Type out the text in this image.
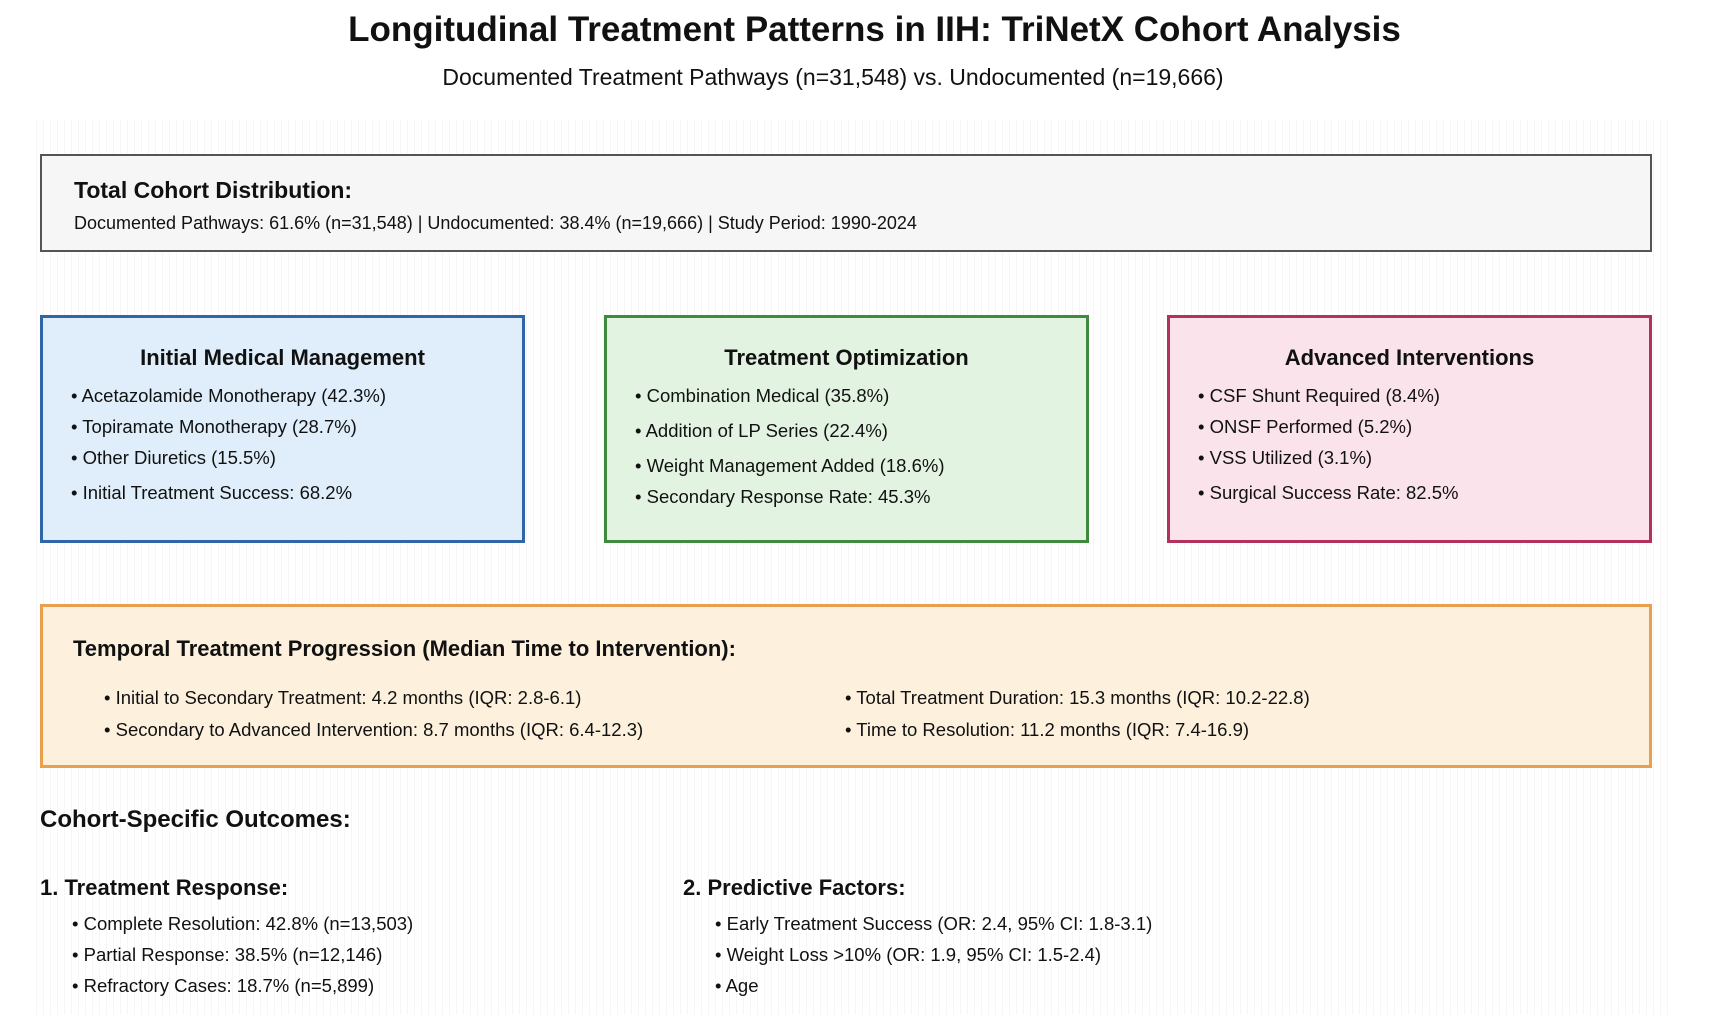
Longitudinal Treatment Patterns in IIH: TriNetX Cohort Analysis
Documented Treatment Pathways (n=31,548) vs. Undocumented (n=19,666)
Total Cohort Distribution:
Documented Pathways: 61.6% (n=31,548) | Undocumented: 38.4% (n=19,666) | Study Period: 1990-2024
Initial Medical Management
• Acetazolamide Monotherapy (42.3%)
• Topiramate Monotherapy (28.7%)
• Other Diuretics (15.5%)
• Initial Treatment Success: 68.2%
Treatment Optimization
• Combination Medical (35.8%)
• Addition of LP Series (22.4%)
• Weight Management Added (18.6%)
• Secondary Response Rate: 45.3%
Advanced Interventions
• CSF Shunt Required (8.4%)
• ONSF Performed (5.2%)
• VSS Utilized (3.1%)
• Surgical Success Rate: 82.5%
Temporal Treatment Progression (Median Time to Intervention):
• Initial to Secondary Treatment: 4.2 months (IQR: 2.8-6.1)
• Secondary to Advanced Intervention: 8.7 months (IQR: 6.4-12.3)
• Total Treatment Duration: 15.3 months (IQR: 10.2-22.8)
• Time to Resolution: 11.2 months (IQR: 7.4-16.9)
Cohort-Specific Outcomes:
1. Treatment Response:
• Complete Resolution: 42.8% (n=13,503)
• Partial Response: 38.5% (n=12,146)
• Refractory Cases: 18.7% (n=5,899)
2. Predictive Factors:
• Early Treatment Success (OR: 2.4, 95% CI: 1.8-3.1)
• Weight Loss >10% (OR: 1.9, 95% CI: 1.5-2.4)
• Age
